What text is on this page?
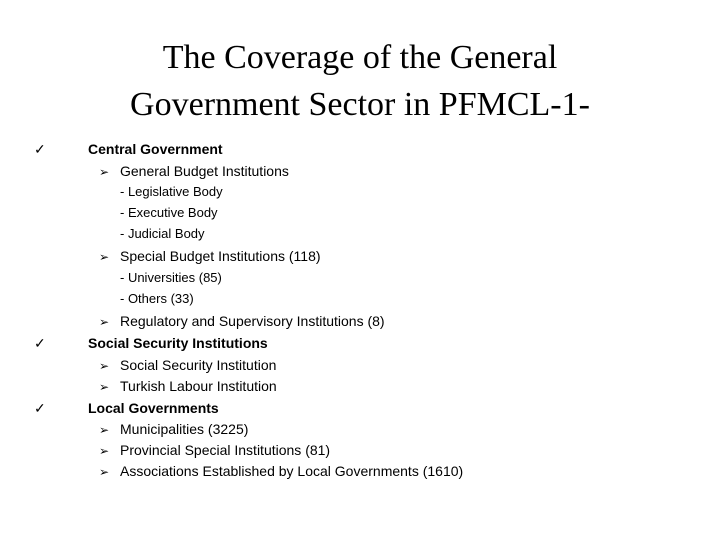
The Coverage of the General
Government Sector in PFMCL-1-
✓	Central Government
➢ General Budget Institutions
- Legislative Body
- Executive Body
- Judicial Body
➢ Special Budget Institutions (118)
- Universities (85)
- Others (33)
➢ Regulatory and Supervisory Institutions (8)
✓	Social Security Institutions
➢ Social Security Institution
➢ Turkish Labour Institution
✓	Local Governments
➢ Municipalities (3225)
➢ Provincial Special Institutions (81)
➢ Associations Established by Local Governments (1610)
